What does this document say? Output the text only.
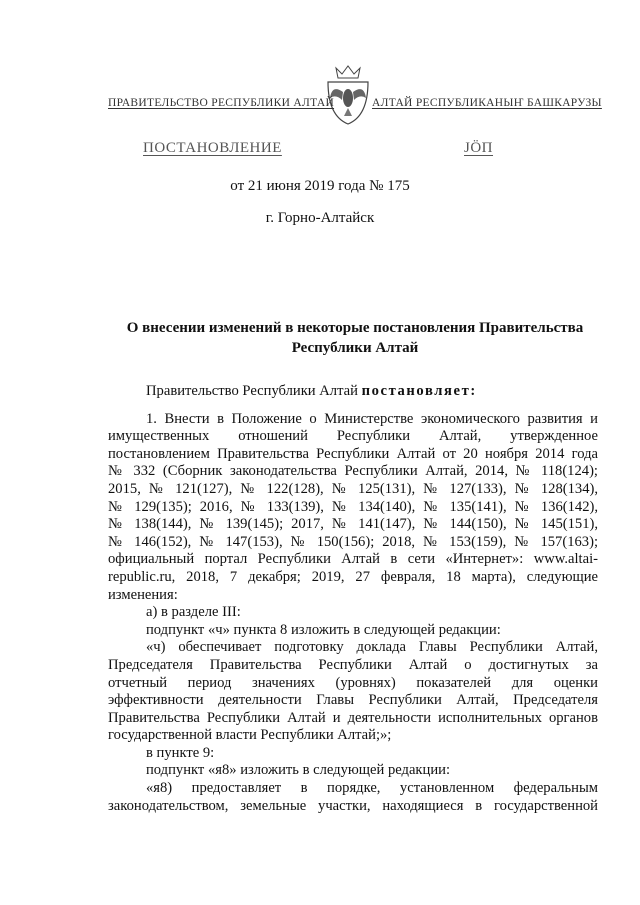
ПРАВИТЕЛЬСТВО РЕСПУБЛИКИ АЛТАЙ	АЛТАЙ РЕСПУБЛИКАНЫҤ БАШКАРУЗЫ
ПОСТАНОВЛЕНИЕ	ЈÖП
от 21 июня 2019 года № 175
г. Горно-Алтайск
О внесении изменений в некоторые постановления Правительства
Республики Алтай

Правительство Республики Алтай постановляет:

1. Внести в Положение о Министерстве экономического развития и

имущественных отношений Республики Алтай, утвержденное

постановлением Правительства Республики Алтай от 20 ноября 2014 года

№ 332 (Сборник законодательства Республики Алтай, 2014, № 118(124);

2015, № 121(127), № 122(128), № 125(131), № 127(133), № 128(134),

№ 129(135); 2016, № 133(139), № 134(140), № 135(141), № 136(142),

№ 138(144), № 139(145); 2017, № 141(147), № 144(150), № 145(151),

№ 146(152), № 147(153), № 150(156); 2018, № 153(159), № 157(163);

официальный портал Республики Алтай в сети «Интернет»: www.altai-

republic.ru, 2018, 7 декабря; 2019, 27 февраля, 18 марта), следующие

изменения:

а) в разделе III:

подпункт «ч» пункта 8 изложить в следующей редакции:

«ч) обеспечивает подготовку доклада Главы Республики Алтай,

Председателя Правительства Республики Алтай о достигнутых за

отчетный период значениях (уровнях) показателей для оценки

эффективности деятельности Главы Республики Алтай, Председателя

Правительства Республики Алтай и деятельности исполнительных органов

государственной власти Республики Алтай;»;

в пункте 9:

подпункт «я8» изложить в следующей редакции:

«я8) предоставляет в порядке, установленном федеральным

законодательством, земельные участки, находящиеся в государственной
